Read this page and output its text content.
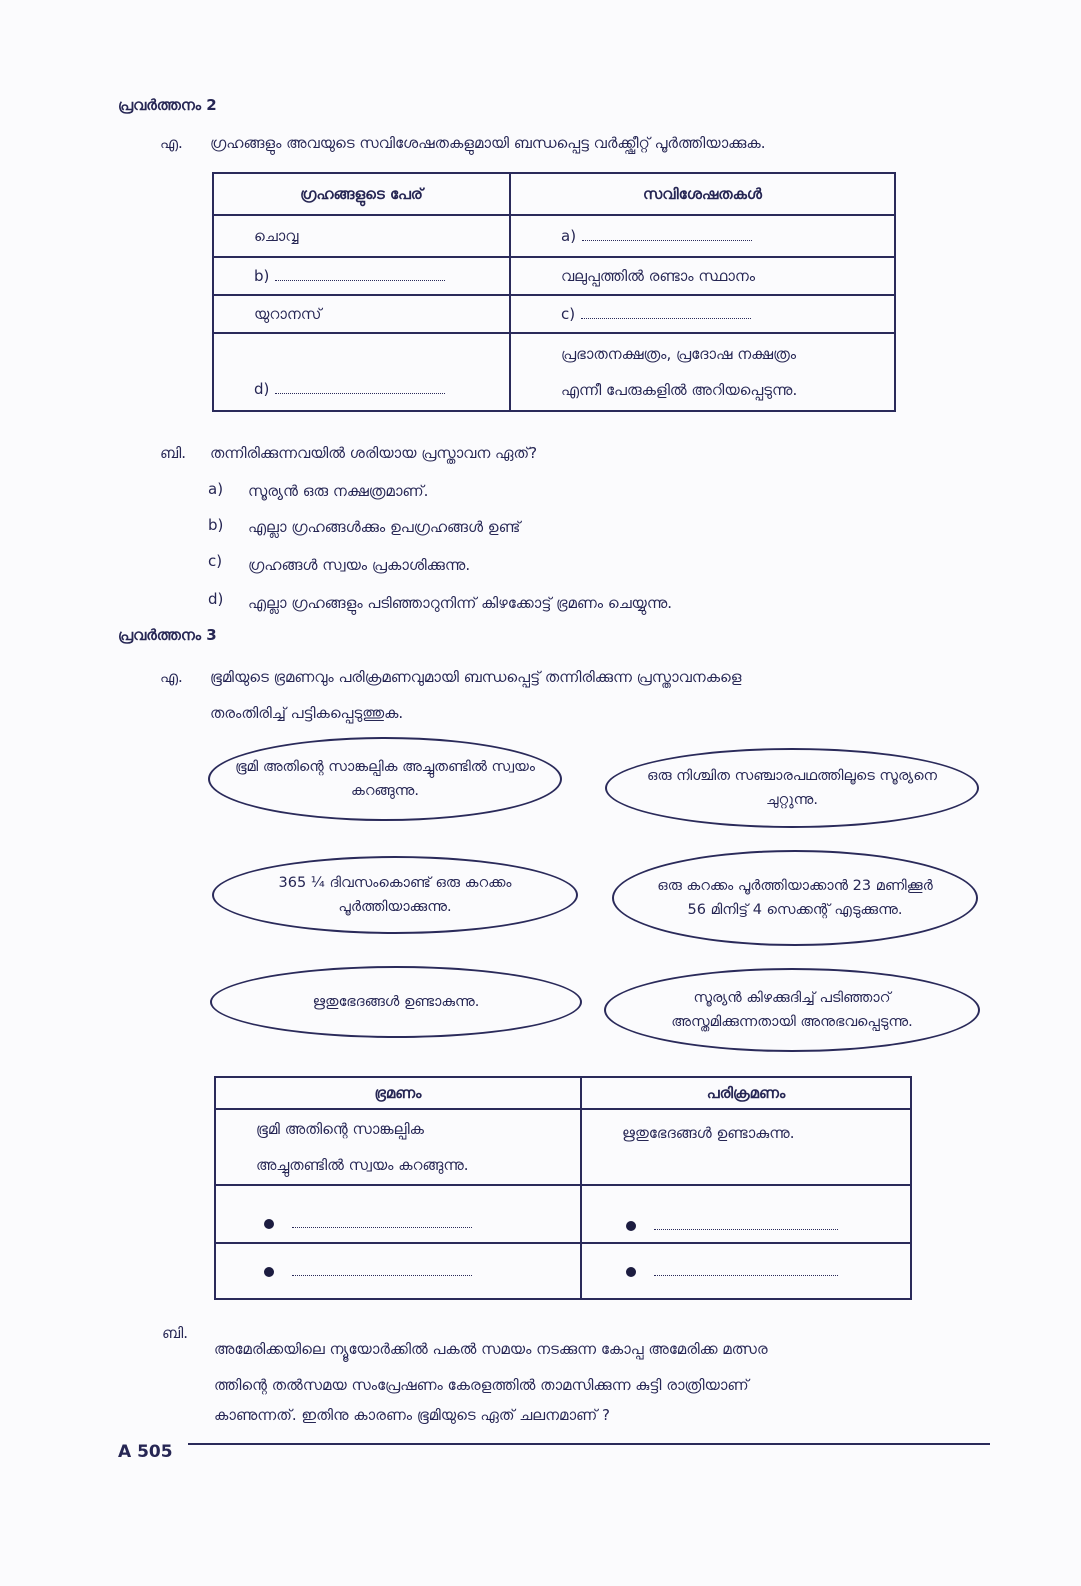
പ്രവർത്തനം 2
എ. ഗ്രഹങ്ങളും അവയുടെ സവിശേഷതകളുമായി ബന്ധപ്പെട്ട വർക്ക്ഷീറ്റ് പൂർത്തിയാക്കുക.
ഗ്രഹങ്ങളുടെ പേര്	സവിശേഷതകൾ
ചൊവ്വ	a)
b)	വലുപ്പത്തിൽ രണ്ടാം സ്ഥാനം
യുറാനസ്	c)
d)	പ്രഭാതനക്ഷത്രം, പ്രദോഷ നക്ഷത്രം
എന്നീ പേരുകളിൽ അറിയപ്പെടുന്നു.
ബി. തന്നിരിക്കുന്നവയിൽ ശരിയായ പ്രസ്താവന ഏത്?
a) സൂര്യൻ ഒരു നക്ഷത്രമാണ്.
b) എല്ലാ ഗ്രഹങ്ങൾക്കും ഉപഗ്രഹങ്ങൾ ഉണ്ട്
c) ഗ്രഹങ്ങൾ സ്വയം പ്രകാശിക്കുന്നു.
d) എല്ലാ ഗ്രഹങ്ങളും പടിഞ്ഞാറുനിന്ന് കിഴക്കോട്ട് ഭ്രമണം ചെയ്യുന്നു.
പ്രവർത്തനം 3
എ. ഭൂമിയുടെ ഭ്രമണവും പരിക്രമണവുമായി ബന്ധപ്പെട്ട് തന്നിരിക്കുന്ന പ്രസ്താവനകളെ
തരംതിരിച്ച് പട്ടികപ്പെടുത്തുക.
ഭൂമി അതിന്റെ സാങ്കല്പിക അച്ചുതണ്ടിൽ സ്വയം കറങ്ങുന്നു.
ഒരു നിശ്ചിത സഞ്ചാരപഥത്തിലൂടെ സൂര്യനെ ചുറ്റുന്നു.
365 ¼ ദിവസംകൊണ്ട് ഒരു കറക്കം പൂർത്തിയാക്കുന്നു.
ഒരു കറക്കം പൂർത്തിയാക്കാൻ 23 മണിക്കൂർ 56 മിനിട്ട് 4 സെക്കന്റ് എടുക്കുന്നു.
ഋതുഭേദങ്ങൾ ഉണ്ടാകുന്നു.	സൂര്യൻ കിഴക്കുദിച്ച് പടിഞ്ഞാറ് അസ്തമിക്കുന്നതായി അനുഭവപ്പെടുന്നു.
ഭ്രമണം	പരിക്രമണം

ഭൂമി അതിന്റെ സാങ്കല്പിക
അച്ചുതണ്ടിൽ സ്വയം കറങ്ങുന്നു.	ഋതുഭേദങ്ങൾ ഉണ്ടാകുന്നു.

ബി.
അമേരിക്കയിലെ ന്യൂയോർക്കിൽ പകൽ സമയം നടക്കുന്ന കോപ്പ അമേരിക്ക മത്സര
ത്തിന്റെ തൽസമയ സംപ്രേഷണം കേരളത്തിൽ താമസിക്കുന്ന കുട്ടി രാത്രിയാണ്
കാണുന്നത്. ഇതിനു കാരണം ഭൂമിയുടെ ഏത് ചലനമാണ് ?
A 505
